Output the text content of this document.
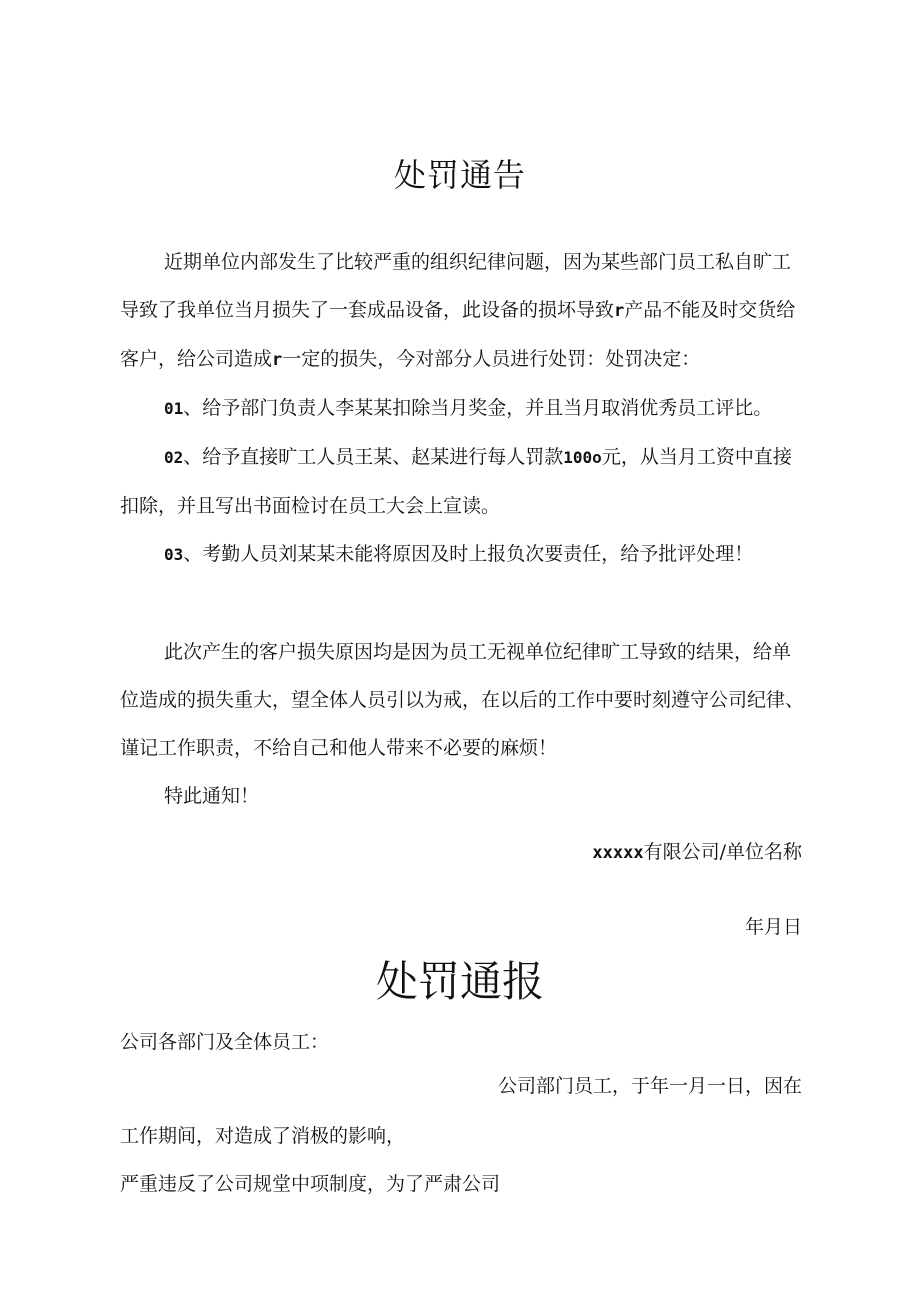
处罚通告

近期单位内部发生了比较严重的组织纪律问题，因为某些部门员工私自旷工导致了我单位当月损失了一套成品设备，此设备的损坏导致r产品不能及时交货给客户，给公司造成r一定的损失，今对部分人员进行处罚：处罚决定：

01、给予部门负责人李某某扣除当月奖金，并且当月取消优秀员工评比。

02、给予直接旷工人员王某、赵某进行每人罚款100o元，从当月工资中直接扣除，并且写出书面检讨在员工大会上宣读。

03、考勤人员刘某某未能将原因及时上报负次要责任，给予批评处理！

此次产生的客户损失原因均是因为员工无视单位纪律旷工导致的结果，给单位造成的损失重大，望全体人员引以为戒，在以后的工作中要时刻遵守公司纪律、谨记工作职责，不给自己和他人带来不必要的麻烦！

特此通知！

xxxxx有限公司/单位名称
年月日
处罚通报
公司各部门及全体员工：
公司部门员工，于年一月一日，因在
工作期间，对造成了消极的影响，
严重违反了公司规堂中项制度，为了严肃公司
